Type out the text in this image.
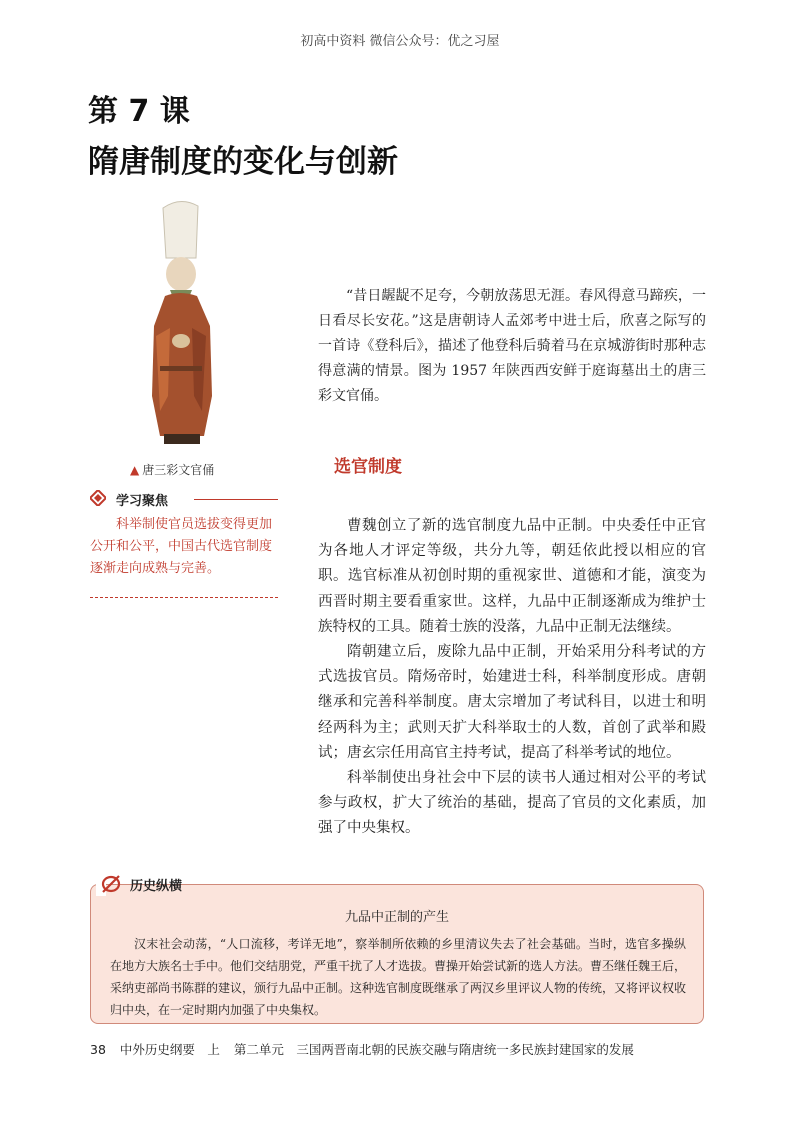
初高中资料 微信公众号：优之习屋
第 7 课
隋唐制度的变化与创新
▲ 唐三彩文官俑
“昔日龌龊不足夸，今朝放荡思无涯。春风得意马蹄疾，一日看尽长安花。”这是唐朝诗人孟郊考中进士后，欣喜之际写的一首诗《登科后》，描述了他登科后骑着马在京城游街时那种志得意满的情景。图为 1957 年陕西西安鲜于庭诲墓出土的唐三彩文官俑。
选官制度
学习聚焦
科举制使官员选拔变得更加公开和公平，中国古代选官制度逐渐走向成熟与完善。

曹魏创立了新的选官制度九品中正制。中央委任中正官为各地人才评定等级，共分九等，朝廷依此授以相应的官职。选官标准从初创时期的重视家世、道德和才能，演变为西晋时期主要看重家世。这样，九品中正制逐渐成为维护士族特权的工具。随着士族的没落，九品中正制无法继续。

隋朝建立后，废除九品中正制，开始采用分科考试的方式选拔官员。隋炀帝时，始建进士科，科举制度形成。唐朝继承和完善科举制度。唐太宗增加了考试科目，以进士和明经两科为主；武则天扩大科举取士的人数，首创了武举和殿试；唐玄宗任用高官主持考试，提高了科举考试的地位。

科举制使出身社会中下层的读书人通过相对公平的考试参与政权，扩大了统治的基础，提高了官员的文化素质，加强了中央集权。

历史纵横
九品中正制的产生
汉末社会动荡，“人口流移，考详无地”，察举制所依赖的乡里清议失去了社会基础。当时，选官多操纵在地方大族名士手中。他们交结朋党，严重干扰了人才选拔。曹操开始尝试新的选人方法。曹丕继任魏王后，采纳吏部尚书陈群的建议，颁行九品中正制。这种选官制度既继承了两汉乡里评议人物的传统，又将评议权收归中央，在一定时期内加强了中央集权。
38 中外历史纲要　上 第二单元　三国两晋南北朝的民族交融与隋唐统一多民族封建国家的发展
